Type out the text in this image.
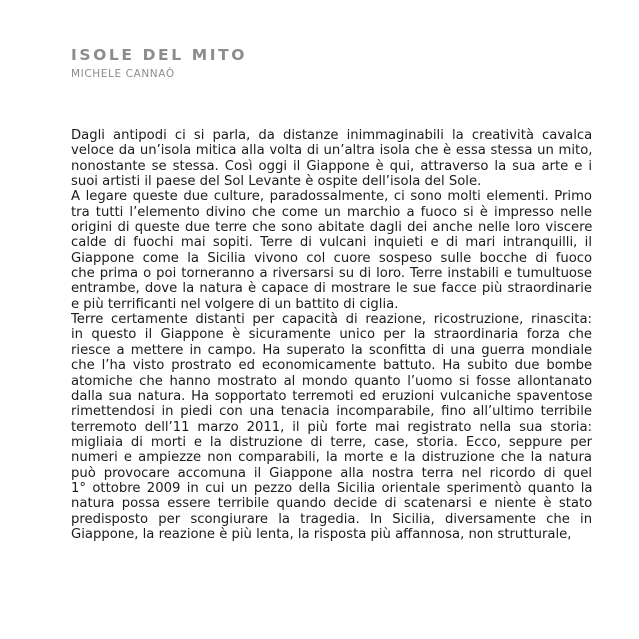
ISOLE DEL MITO

MICHELE CANNAÒ

Dagli antipodi ci si parla, da distanze inimmaginabili la creatività cavalca
veloce da un’isola mitica alla volta di un’altra isola che è essa stessa un mito,
nonostante se stessa. Così oggi il Giappone è qui, attraverso la sua arte e i
suoi artisti il paese del Sol Levante è ospite dell’isola del Sole.

A legare queste due culture, paradossalmente, ci sono molti elementi. Primo
tra tutti l’elemento divino che come un marchio a fuoco si è impresso nelle
origini di queste due terre che sono abitate dagli dei anche nelle loro viscere
calde di fuochi mai sopiti. Terre di vulcani inquieti e di mari intranquilli, il
Giappone come la Sicilia vivono col cuore sospeso sulle bocche di fuoco
che prima o poi torneranno a riversarsi su di loro. Terre instabili e tumultuose
entrambe, dove la natura è capace di mostrare le sue facce più straordinarie
e più terrificanti nel volgere di un battito di ciglia.

Terre certamente distanti per capacità di reazione, ricostruzione, rinascita:
in questo il Giappone è sicuramente unico per la straordinaria forza che
riesce a mettere in campo. Ha superato la sconfitta di una guerra mondiale
che l’ha visto prostrato ed economicamente battuto. Ha subito due bombe
atomiche che hanno mostrato al mondo quanto l’uomo si fosse allontanato
dalla sua natura. Ha sopportato terremoti ed eruzioni vulcaniche spaventose
rimettendosi in piedi con una tenacia incomparabile, fino all’ultimo terribile
terremoto dell’11 marzo 2011, il più forte mai registrato nella sua storia:
migliaia di morti e la distruzione di terre, case, storia. Ecco, seppure per
numeri e ampiezze non comparabili, la morte e la distruzione che la natura
può provocare accomuna il Giappone alla nostra terra nel ricordo di quel
1° ottobre 2009 in cui un pezzo della Sicilia orientale sperimentò quanto la
natura possa essere terribile quando decide di scatenarsi e niente è stato
predisposto per scongiurare la tragedia. In Sicilia, diversamente che in
Giappone, la reazione è più lenta, la risposta più affannosa, non strutturale,
